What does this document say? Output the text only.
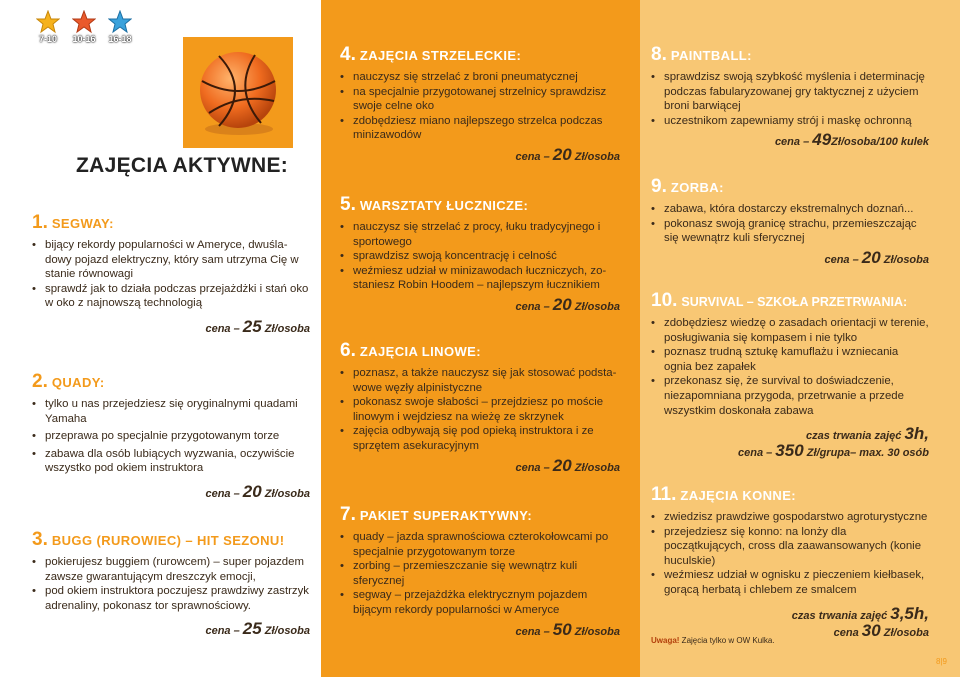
7-10	10-16	16-18
ZAJĘCIA AKTYWNE:
1. SEGWAY:
• bijący rekordy popularności w Ameryce, dwuśladowy pojazd elektryczny, który sam utrzyma Cię w stanie równowagi
• sprawdź jak to działa podczas przejażdżki i stań oko w oko z najnowszą technologią
cena – 25 Zł/osoba
2. QUADY:
• tylko u nas przejedziesz się oryginalnymi quadami Yamaha
• przeprawa po specjalnie przygotowanym torze
• zabawa dla osób lubiących wyzwania, oczywiście wszystko pod okiem instruktora
cena – 20 Zł/osoba
3. BUGG (RUROWIEC) – HIT SEZONU!
• pokierujesz buggiem (rurowcem) – super pojazdem zawsze gwarantującym dreszczyk emocji,
• pod okiem instruktora poczujesz prawdziwy zastrzyk adrenaliny, pokonasz tor sprawnościowy.
cena – 25 Zł/osoba
4. ZAJĘCIA STRZELECKIE:
• nauczysz się strzelać z broni pneumatycznej
• na specjalnie przygotowanej strzelnicy sprawdzisz swoje celne oko
• zdobędziesz miano najlepszego strzelca podczas minizawodów
cena – 20 Zł/osoba
5. WARSZTATY ŁUCZNICZE:
• nauczysz się strzelać z procy, łuku tradycyjnego i sportowego
• sprawdzisz swoją koncentrację i celność
• weźmiesz udział w minizawodach łuczniczych, zostaniesz Robin Hoodem – najlepszym łucznikiem
cena – 20 Zł/osoba
6. ZAJĘCIA LINOWE:
• poznasz, a także nauczysz się jak stosować podstawowe węzły alpinistyczne
• pokonasz swoje słabości – przejdziesz po moście linowym i wejdziesz na wieżę ze skrzynek
• zajęcia odbywają się pod opieką instruktora i ze sprzętem asekuracyjnym
cena – 20 Zł/osoba
7. PAKIET SUPERAKTYWNY:
• quady – jazda sprawnościowa czterokołowcami po specjalnie przygotowanym torze
• zorbing – przemieszczanie się wewnątrz kuli sferycznej
• segway – przejażdżka elektrycznym pojazdem bijącym rekordy popularności w Ameryce
cena – 50 Zł/osoba
8. PAINTBALL:
• sprawdzisz swoją szybkość myślenia i determinację podczas fabularyzowanej gry taktycznej z użyciem broni barwiącej
• uczestnikom zapewniamy strój i maskę ochronną
cena – 49Zł/osoba/100 kulek
9. ZORBA:
• zabawa, która dostarczy ekstremalnych doznań...
• pokonasz swoją granicę strachu, przemieszczając się wewnątrz kuli sferycznej
cena – 20 Zł/osoba
10. SURVIVAL – SZKOŁA PRZETRWANIA:
• zdobędziesz wiedzę o zasadach orientacji w terenie, posługiwania się kompasem i nie tylko
• poznasz trudną sztukę kamuflażu i wzniecania ognia bez zapałek
• przekonasz się, że survival to doświadczenie, niezapomniana przygoda, przetrwanie a przede wszystkim doskonała zabawa
czas trwania zajęć 3h,
cena – 350 Zł/grupa– max. 30 osób
11. ZAJĘCIA KONNE:
• zwiedzisz prawdziwe gospodarstwo agroturystyczne
• przejedziesz się konno: na lonży dla początkujących, cross dla zaawansowanych (konie huculskie)
• weźmiesz udział w ognisku z pieczeniem kiełbasek, gorącą herbatą i chlebem ze smalcem
czas trwania zajęć 3,5h,
cena 30 Zł/osoba
Uwaga! Zajęcia tylko w OW Kulka.
8|9
